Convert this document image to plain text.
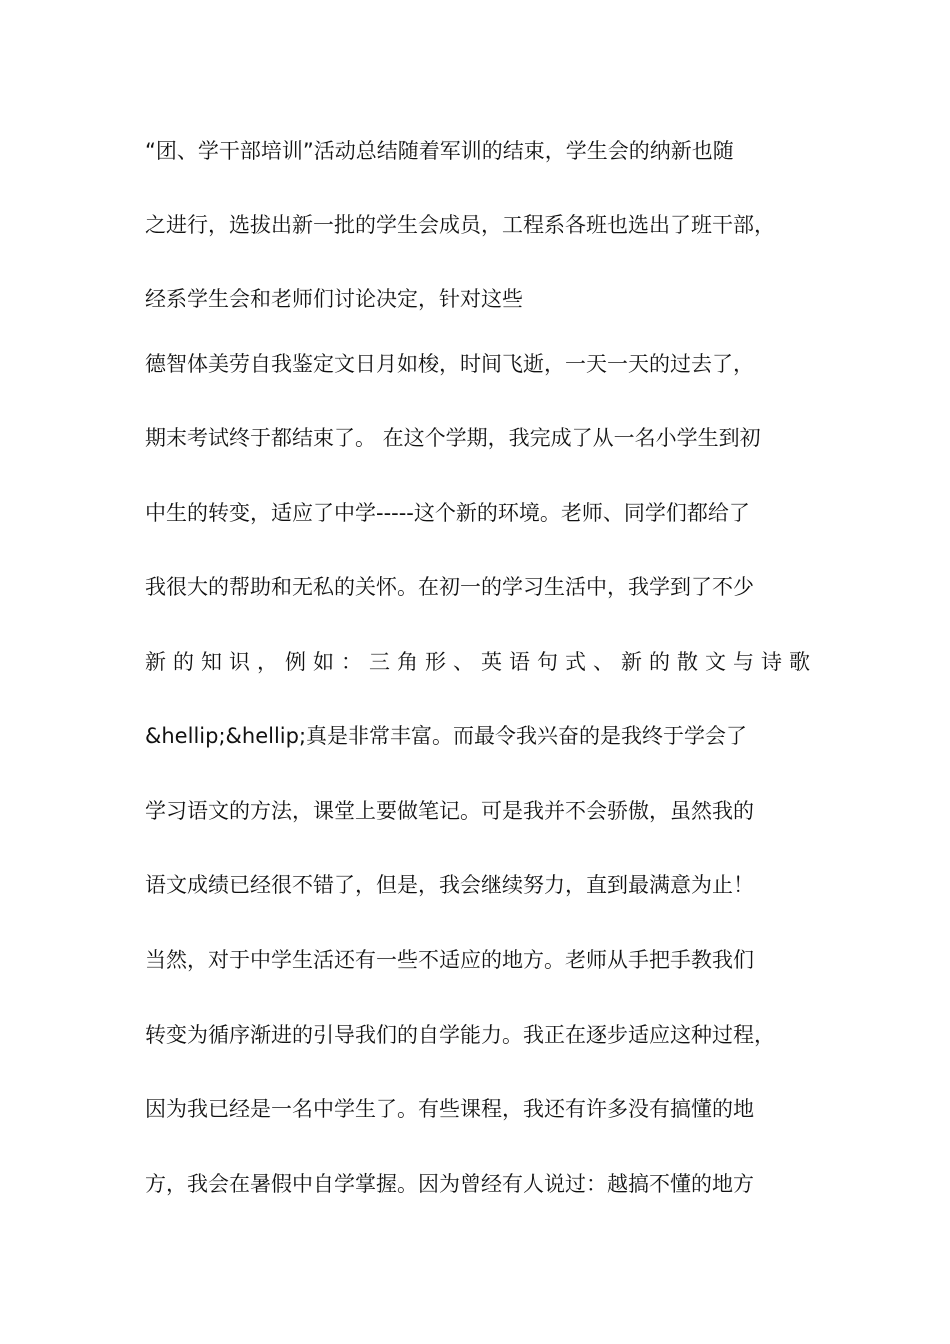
“团、学干部培训”活动总结随着军训的结束，学生会的纳新也随
之进行，选拔出新一批的学生会成员，工程系各班也选出了班干部，
经系学生会和老师们讨论决定，针对这些
德智体美劳自我鉴定文日月如梭，时间飞逝，一天一天的过去了，
期末考试终于都结束了。 在这个学期，我完成了从一名小学生到初
中生的转变，适应了中学-----这个新的环境。老师、同学们都给了
我很大的帮助和无私的关怀。在初一的学习生活中，我学到了不少
新的知识，例如：三角形、英语句式、新的散文与诗歌
&hellip;&hellip;真是非常丰富。而最令我兴奋的是我终于学会了
学习语文的方法，课堂上要做笔记。可是我并不会骄傲，虽然我的
语文成绩已经很不错了，但是，我会继续努力，直到最满意为止！
当然，对于中学生活还有一些不适应的地方。老师从手把手教我们
转变为循序渐进的引导我们的自学能力。我正在逐步适应这种过程，
因为我已经是一名中学生了。有些课程，我还有许多没有搞懂的地
方，我会在暑假中自学掌握。因为曾经有人说过：越搞不懂的地方
